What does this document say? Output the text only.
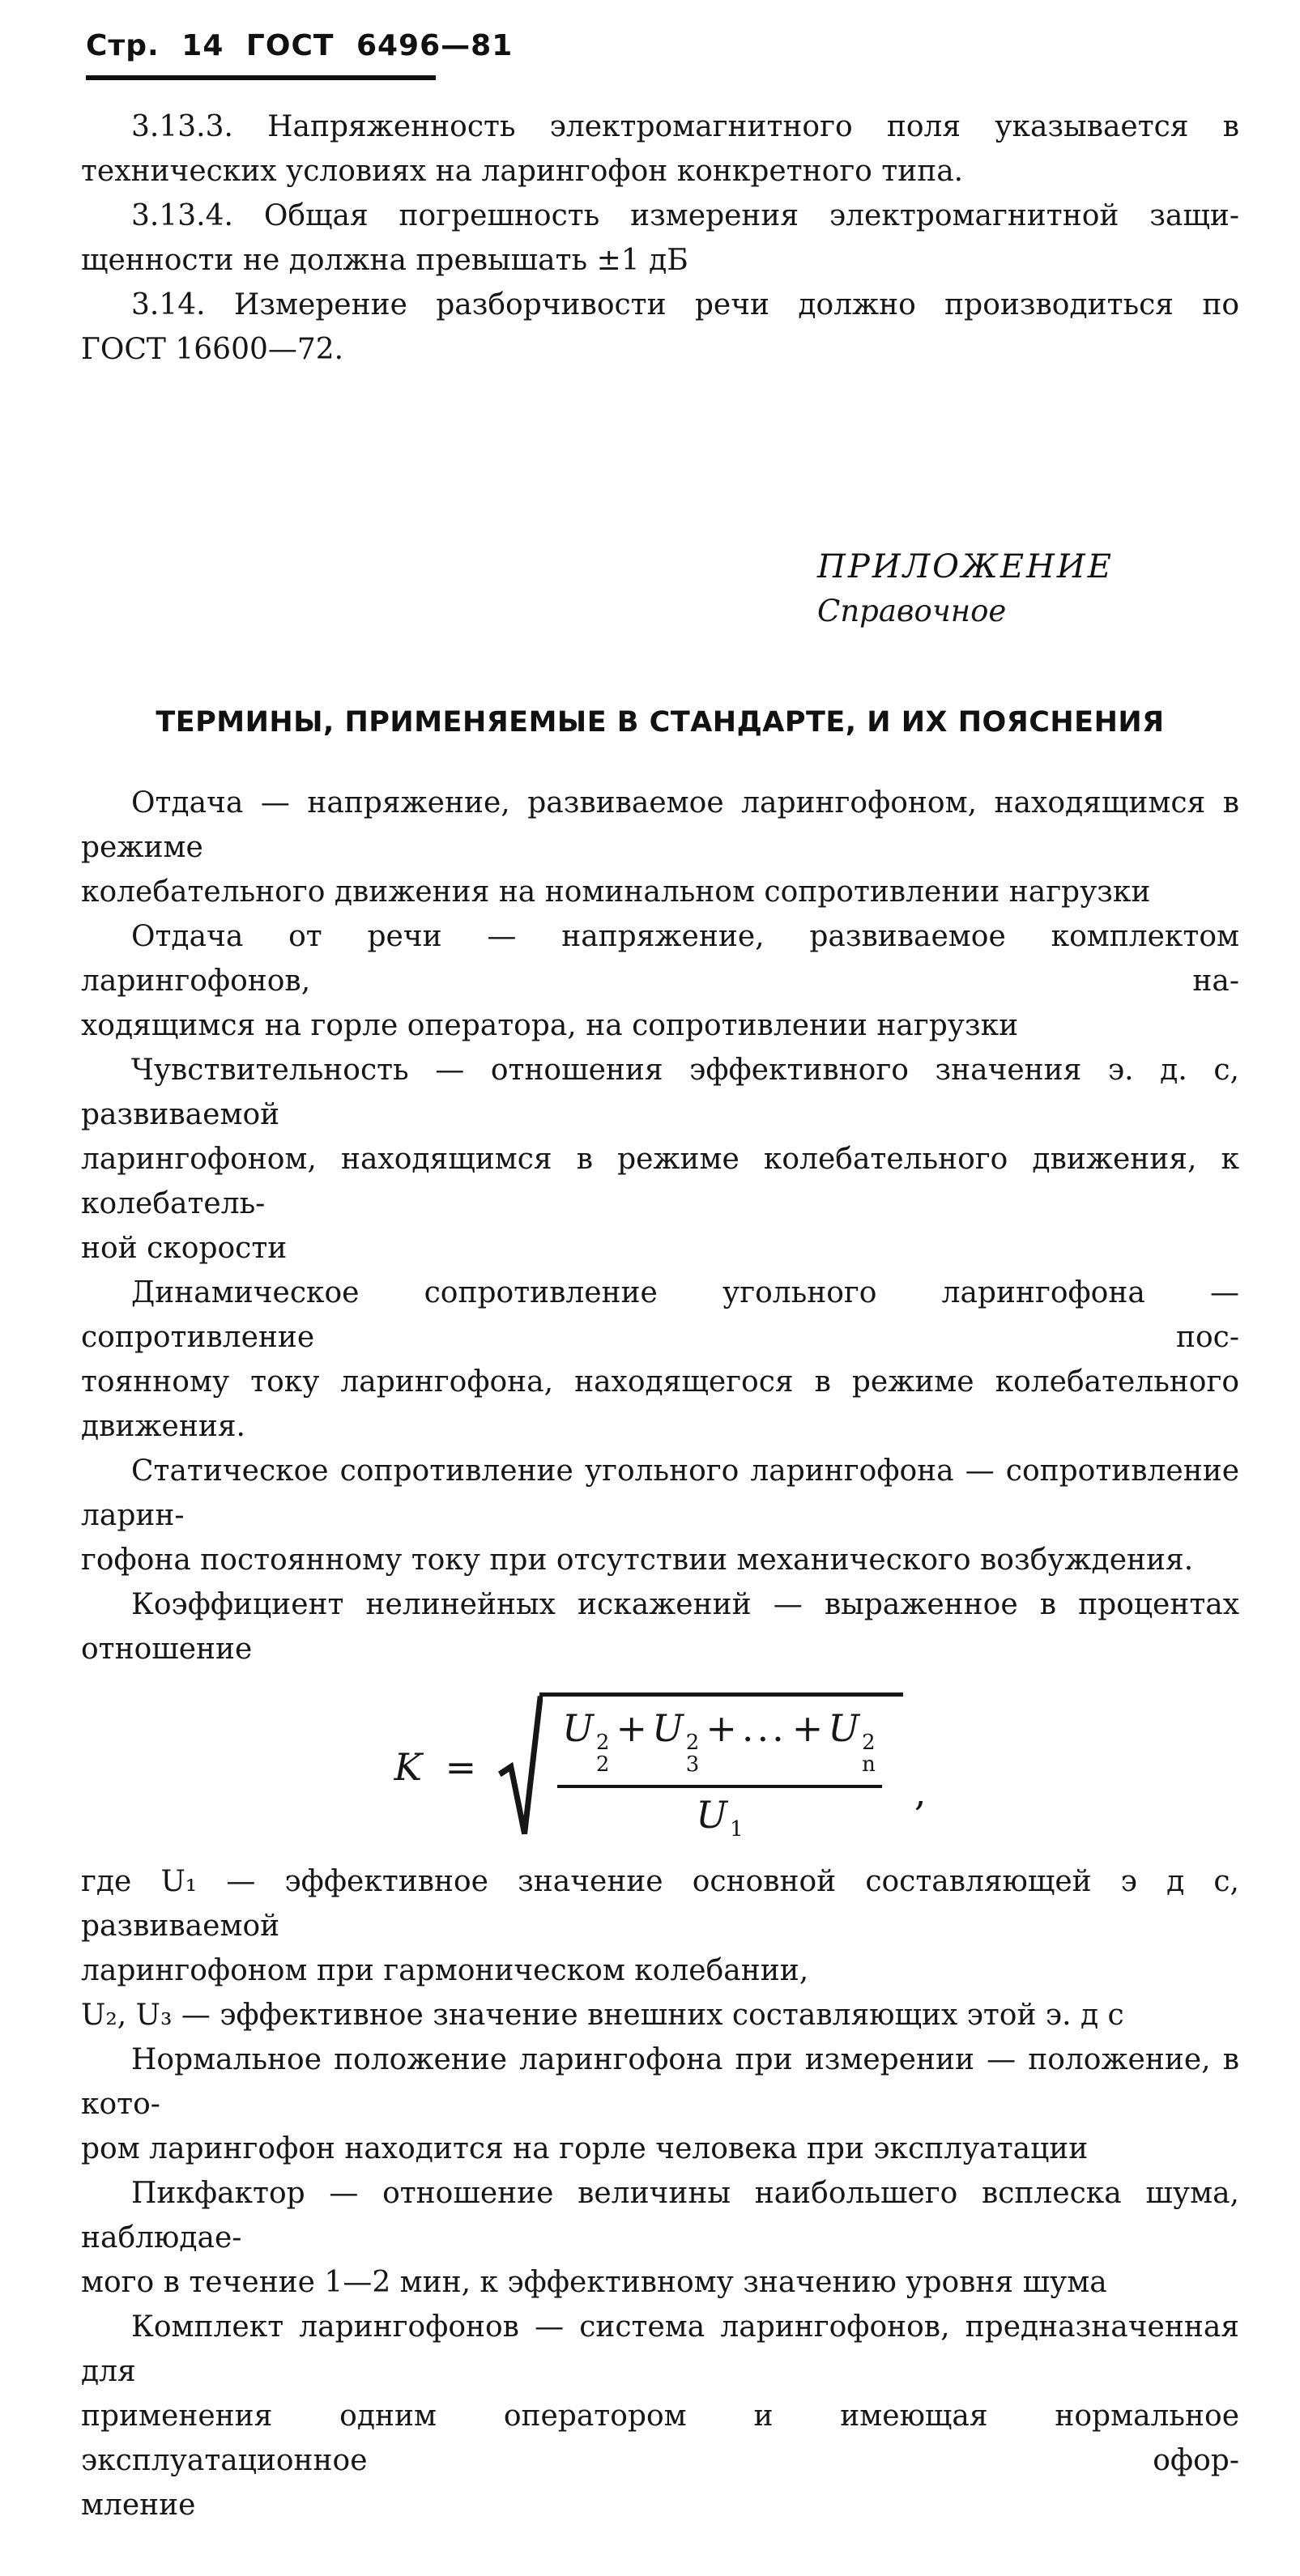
Стр. 14 ГОСТ 6496—81
3.13.3. Напряженность электромагнитного поля указывается в
технических условиях на ларингофон конкретного типа.
3.13.4. Общая погрешность измерения электромагнитной защи-
щенности не должна превышать ±1 дБ
3.14. Измерение разборчивости речи должно производиться по
ГОСТ 16600—72.
ПРИЛОЖЕНИЕ
Справочное
ТЕРМИНЫ, ПРИМЕНЯЕМЫЕ В СТАНДАРТЕ, И ИХ ПОЯСНЕНИЯ
Отдача — напряжение, развиваемое ларингофоном, находящимся в режиме
колебательного движения на номинальном сопротивлении нагрузки
Отдача от речи — напряжение, развиваемое комплектом ларингофонов, на-
ходящимся на горле оператора, на сопротивлении нагрузки
Чувствительность — отношения эффективного значения э. д. с, развиваемой
ларингофоном, находящимся в режиме колебательного движения, к колебатель-
ной скорости
Динамическое сопротивление угольного ларингофона — сопротивление пос-
тоянному току ларингофона, находящегося в режиме колебательного движения.
Статическое сопротивление угольного ларингофона — сопротивление ларин-
гофона постоянному току при отсутствии механического возбуждения.
Коэффициент нелинейных искажений — выраженное в процентах отношение
K = U 2
2
+ U 2
3
+ ... + U 2
n
U $_1$ ,
где U₁ — эффективное значение основной составляющей э д с, развиваемой
ларингофоном при гармоническом колебании,
U₂, U₃ — эффективное значение внешних составляющих этой э. д с
Нормальное положение ларингофона при измерении — положение, в кото-
ром ларингофон находится на горле человека при эксплуатации
Пикфактор — отношение величины наибольшего всплеска шума, наблюдае-
мого в течение 1—2 мин, к эффективному значению уровня шума
Комплект ларингофонов — система ларингофонов, предназначенная для
применения одним оператором и имеющая нормальное эксплуатационное офор-
мление
